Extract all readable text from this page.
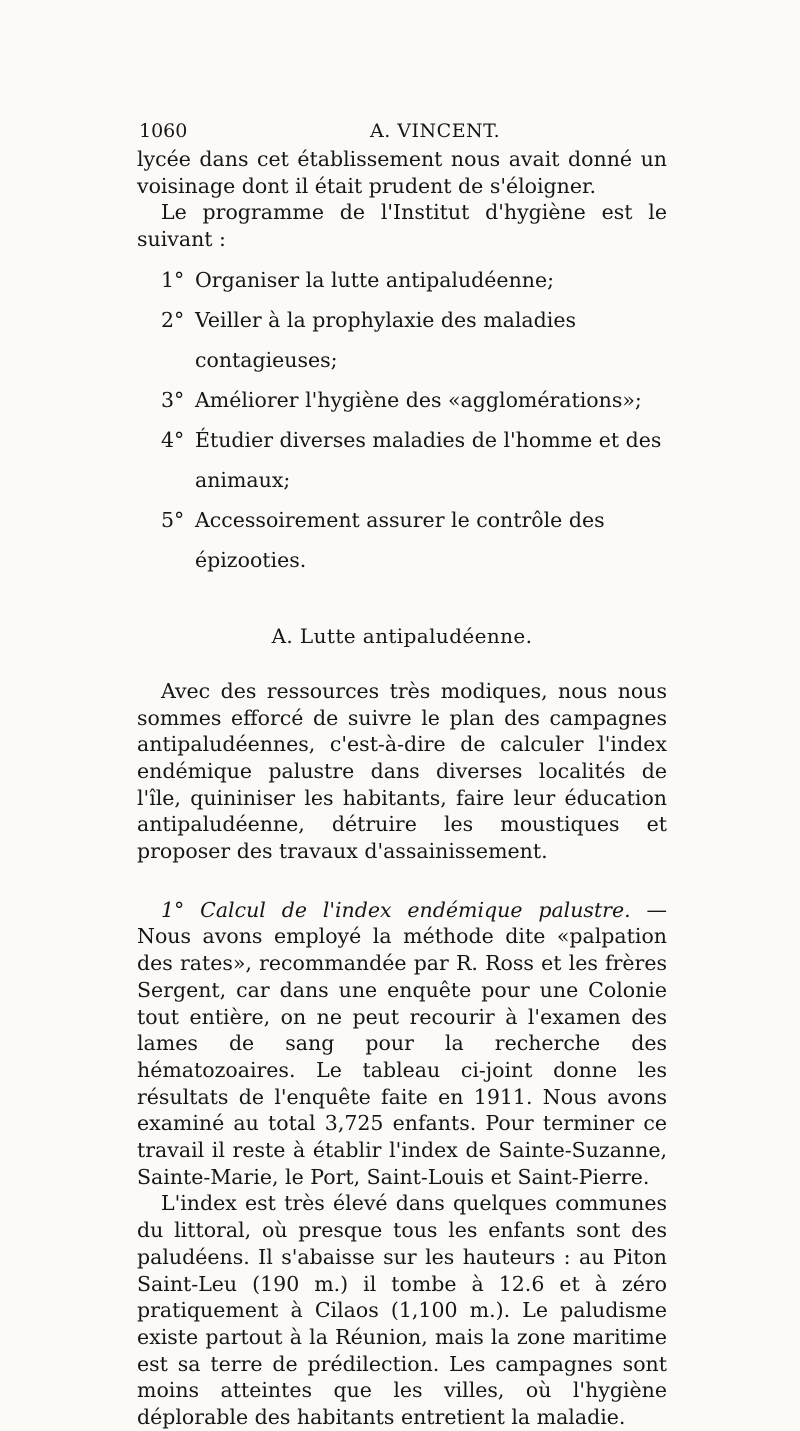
1060	A. VINCENT.

lycée dans cet établissement nous avait donné un voisinage dont il était prudent de s'éloigner.

Le programme de l'Institut d'hygiène est le suivant :

1° Organiser la lutte antipaludéenne;
2° Veiller à la prophylaxie des maladies contagieuses;
3° Améliorer l'hygiène des «agglomérations»;
4° Étudier diverses maladies de l'homme et des animaux;
5° Accessoirement assurer le contrôle des épizooties.
A. Lutte antipaludéenne.

Avec des ressources très modiques, nous nous sommes efforcé de suivre le plan des campagnes antipaludéennes, c'est-à-dire de calculer l'index endémique palustre dans diverses localités de l'île, quininiser les habitants, faire leur éducation antipaludéenne, détruire les moustiques et proposer des travaux d'assainissement.

1° Calcul de l'index endémique palustre. — Nous avons employé la méthode dite «palpation des rates», recommandée par R. Ross et les frères Sergent, car dans une enquête pour une Colonie tout entière, on ne peut recourir à l'examen des lames de sang pour la recherche des hématozoaires. Le tableau ci-joint donne les résultats de l'enquête faite en 1911. Nous avons examiné au total 3,725 enfants. Pour terminer ce travail il reste à établir l'index de Sainte-Suzanne, Sainte-Marie, le Port, Saint-Louis et Saint-Pierre.

L'index est très élevé dans quelques communes du littoral, où presque tous les enfants sont des paludéens. Il s'abaisse sur les hauteurs : au Piton Saint-Leu (190 m.) il tombe à 12.6 et à zéro pratiquement à Cilaos (1,100 m.). Le paludisme existe partout à la Réunion, mais la zone maritime est sa terre de prédilection. Les campagnes sont moins atteintes que les villes, où l'hygiène déplorable des habitants entretient la maladie.
